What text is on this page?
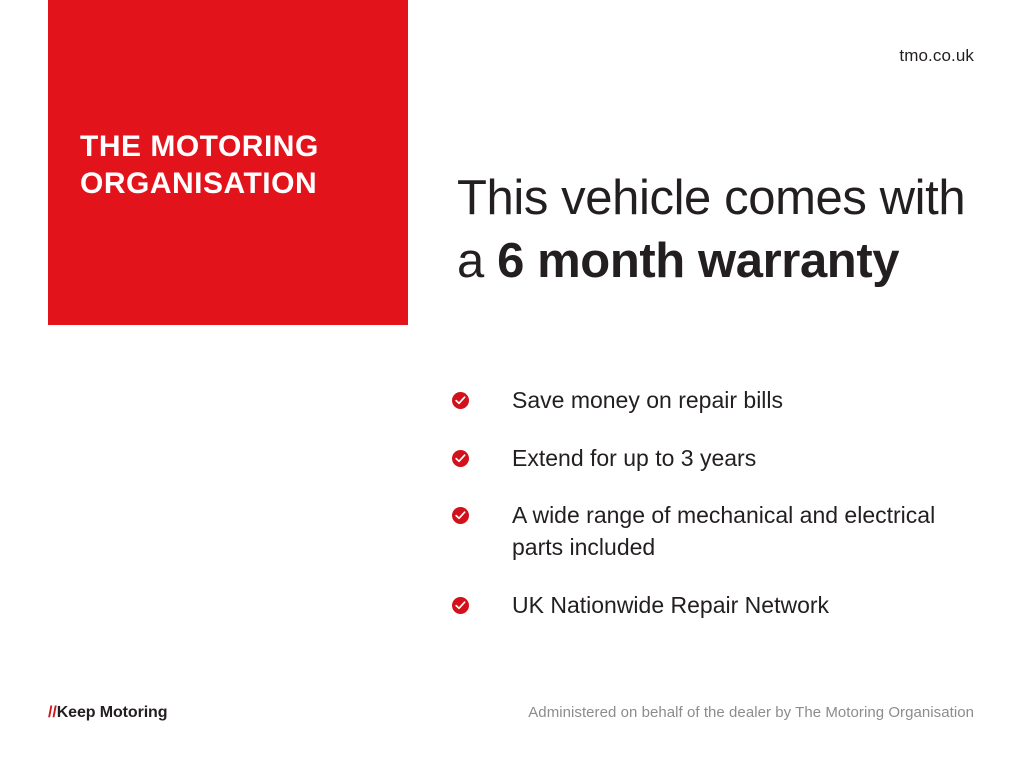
tmo.co.uk
THE MOTORING
ORGANISATION	This vehicle comes with a 6 month warranty
Save money on repair bills
Extend for up to 3 years
A wide range of mechanical and electrical parts included
UK Nationwide Repair Network
//Keep Motoring	Administered on behalf of the dealer by The Motoring Organisation
